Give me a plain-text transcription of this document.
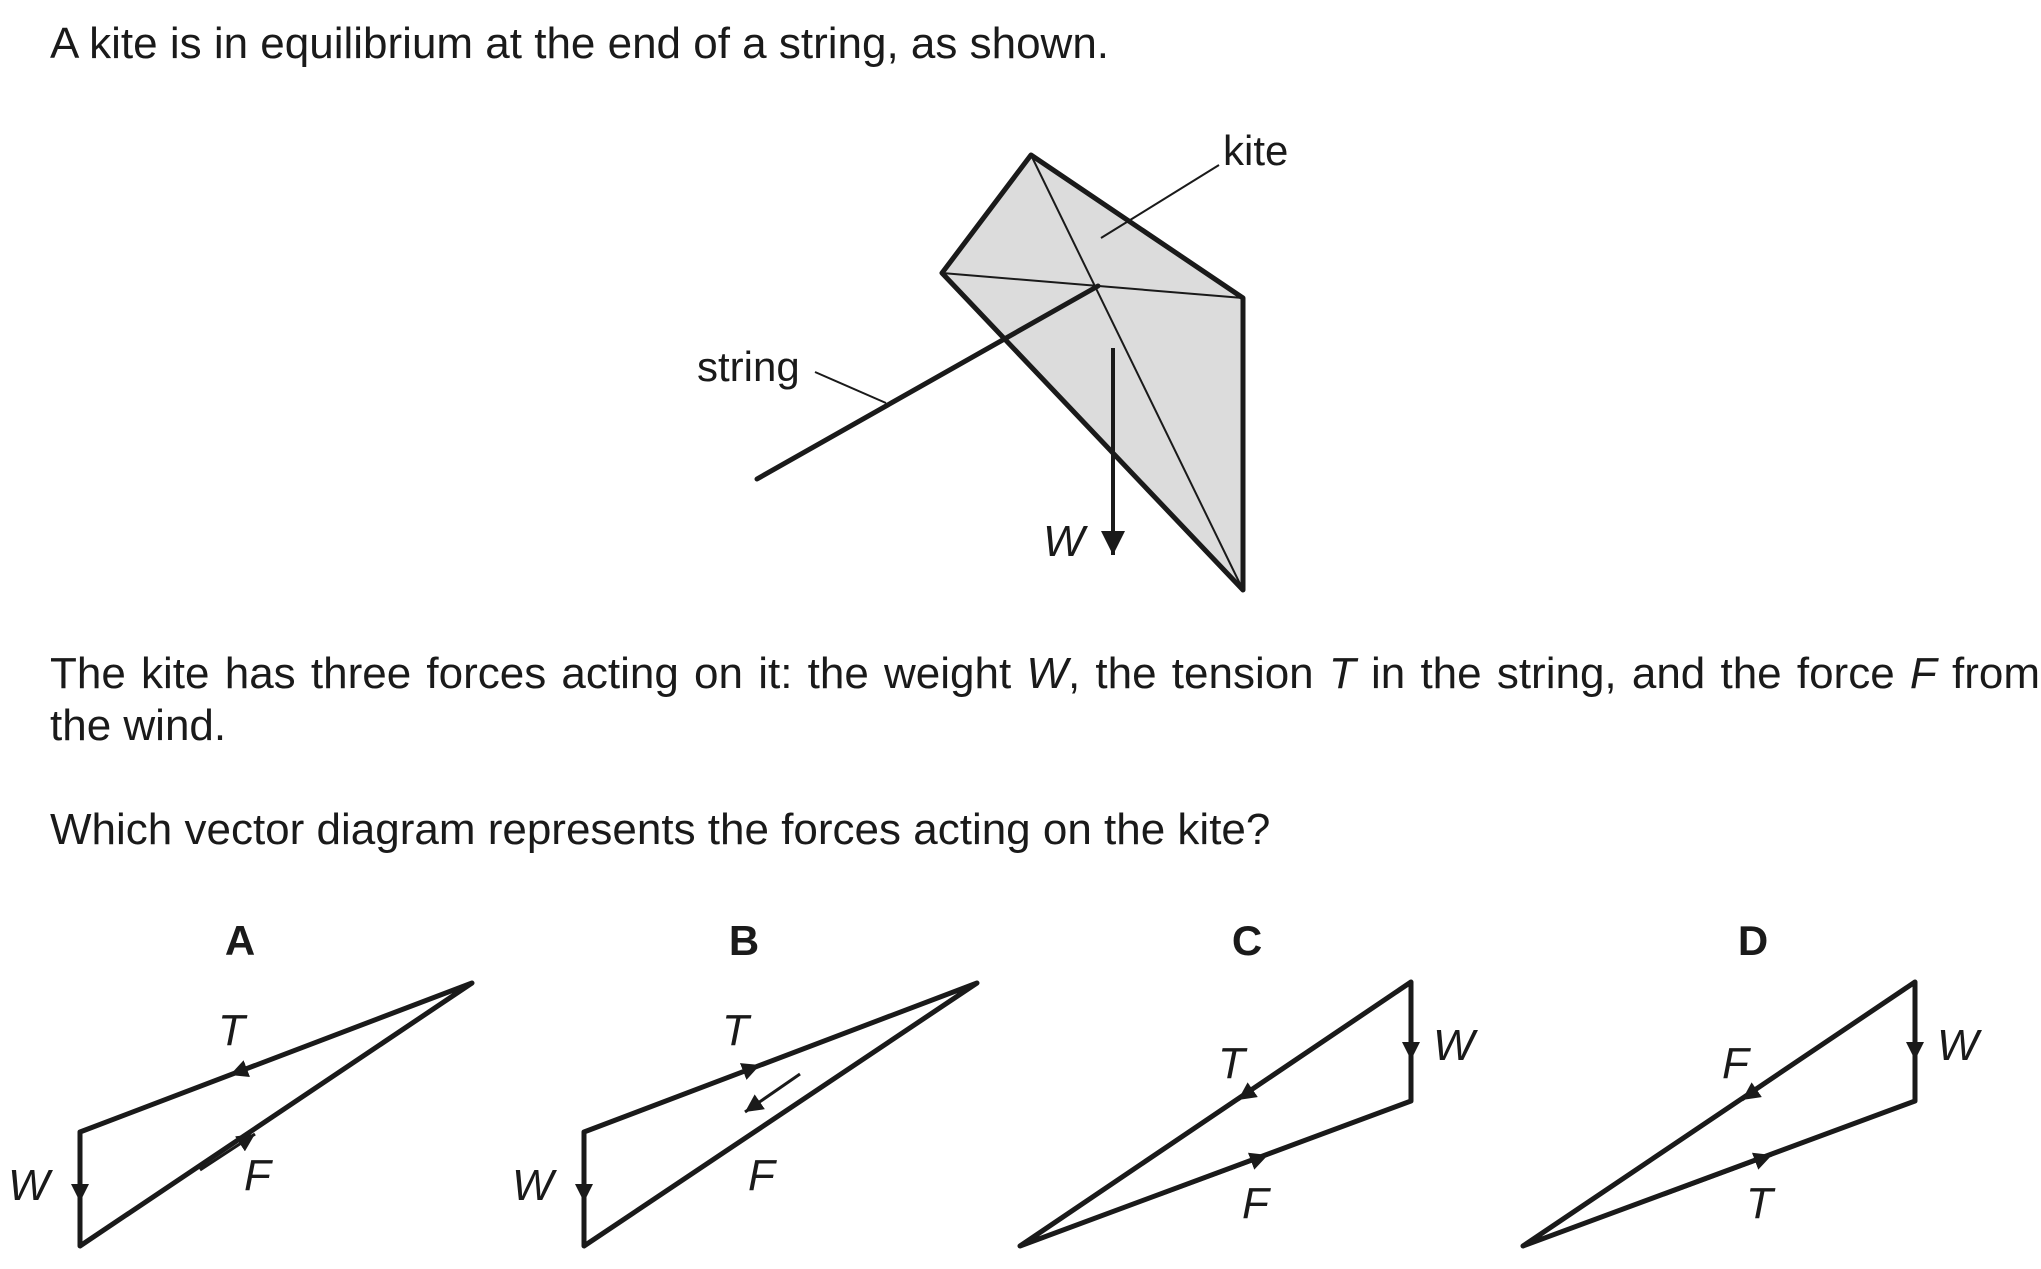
A kite is in equilibrium at the end of a string, as shown.

The kite has three forces acting on it: the weight W, the tension T in the string, and the force F from the wind.

Which vector diagram represents the forces acting on the kite?

kite
string
W
A
T
W	F
B
T
W	F
C
W
T
F
D
W
F
T
